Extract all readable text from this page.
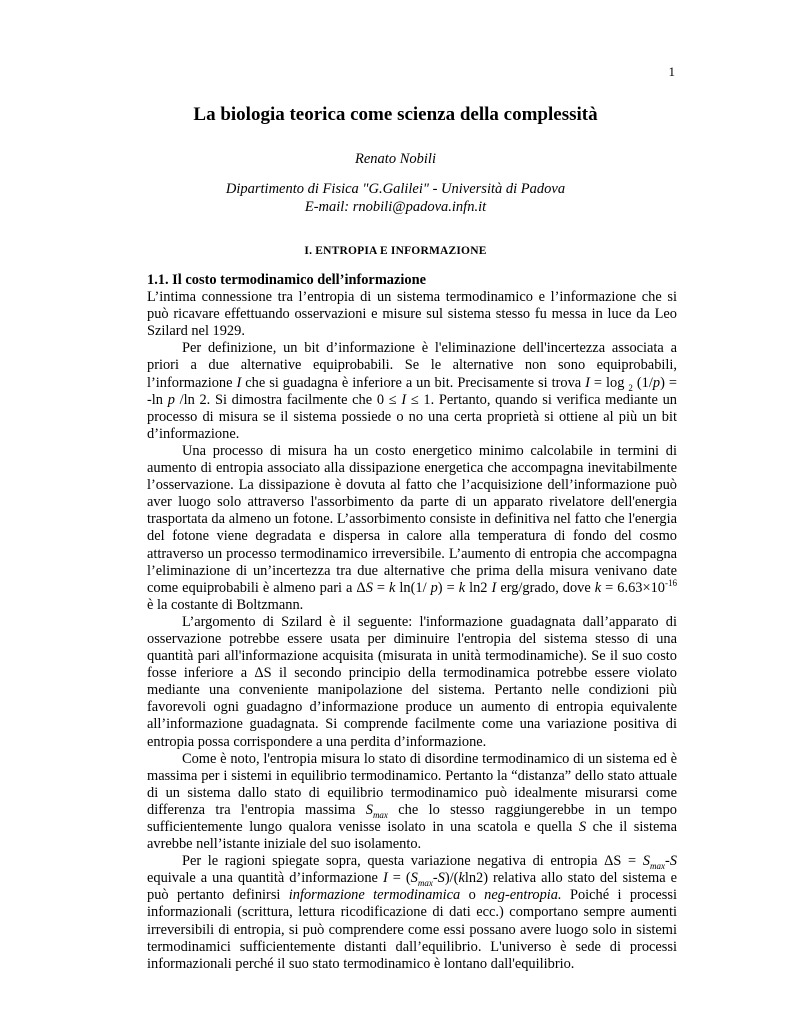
1
La biologia teorica come scienza della complessità
Renato Nobili
Dipartimento di Fisica "G.Galilei" - Università di Padova
E-mail: rnobili@padova.infn.it
I. ENTROPIA E INFORMAZIONE

1.1. Il costo termodinamico dell’informazione

L’intima connessione tra l’entropia di un sistema termodinamico e l’informazione che si può ricavare effettuando osservazioni e misure sul sistema stesso fu messa in luce da Leo Szilard nel 1929.

Per definizione, un bit d’informazione è l'eliminazione dell'incertezza associata a priori a due alternative equiprobabili. Se le alternative non sono equiprobabili, l’informazione I che si guadagna è inferiore a un bit. Precisamente si trova I = log $_2$ (1/p) = -ln p /ln 2. Si dimostra facilmente che 0 ≤ I ≤ 1. Pertanto, quando si verifica mediante un processo di misura se il sistema possiede o no una certa proprietà si ottiene al più un bit d’informazione.

Una processo di misura ha un costo energetico minimo calcolabile in termini di aumento di entropia associato alla dissipazione energetica che accompagna inevitabilmente l’osservazione. La dissipazione è dovuta al fatto che l’acquisizione dell’informazione può aver luogo solo attraverso l'assorbimento da parte di un apparato rivelatore dell'energia trasportata da almeno un fotone. L’assorbimento consiste in definitiva nel fatto che l'energia del fotone viene degradata e dispersa in calore alla temperatura di fondo del cosmo attraverso un processo termodinamico irreversibile. L’aumento di entropia che accompagna l’eliminazione di un’incertezza tra due alternative che prima della misura venivano date come equiprobabili è almeno pari a ΔS = k ln(1/ p) = k ln2 I erg/grado, dove $k = 6.63\times 10^{-16}$ è la costante di Boltzmann.

L’argomento di Szilard è il seguente: l'informazione guadagnata dall’apparato di osservazione potrebbe essere usata per diminuire l'entropia del sistema stesso di una quantità pari all'informazione acquisita (misurata in unità termodinamiche). Se il suo costo fosse inferiore a ΔS il secondo principio della termodinamica potrebbe essere violato mediante una conveniente manipolazione del sistema. Pertanto nelle condizioni più favorevoli ogni guadagno d’informazione produce un aumento di entropia equivalente all’informazione guadagnata. Si comprende facilmente come una variazione positiva di entropia possa corrispondere a una perdita d’informazione.

Come è noto, l'entropia misura lo stato di disordine termodinamico di un sistema ed è massima per i sistemi in equilibrio termodinamico. Pertanto la “distanza” dello stato attuale di un sistema dallo stato di equilibrio termodinamico può idealmente misurarsi come differenza tra l'entropia massima $S_{max}$ che lo stesso raggiungerebbe in un tempo sufficientemente lungo qualora venisse isolato in una scatola e quella S che il sistema avrebbe nell’istante iniziale del suo isolamento.

Per le ragioni spiegate sopra, questa variazione negativa di entropia $\Delta S = S_{max}-S$ equivale a una quantità d’informazione $I = (S_{max}-S)/(kln2)$ relativa allo stato del sistema e può pertanto definirsi informazione termodinamica o neg-entropia. Poiché i processi informazionali (scrittura, lettura ricodificazione di dati ecc.) comportano sempre aumenti irreversibili di entropia, si può comprendere come essi possano avere luogo solo in sistemi termodinamici sufficientemente distanti dall’equilibrio. L'universo è sede di processi informazionali perché il suo stato termodinamico è lontano dall'equilibrio.
